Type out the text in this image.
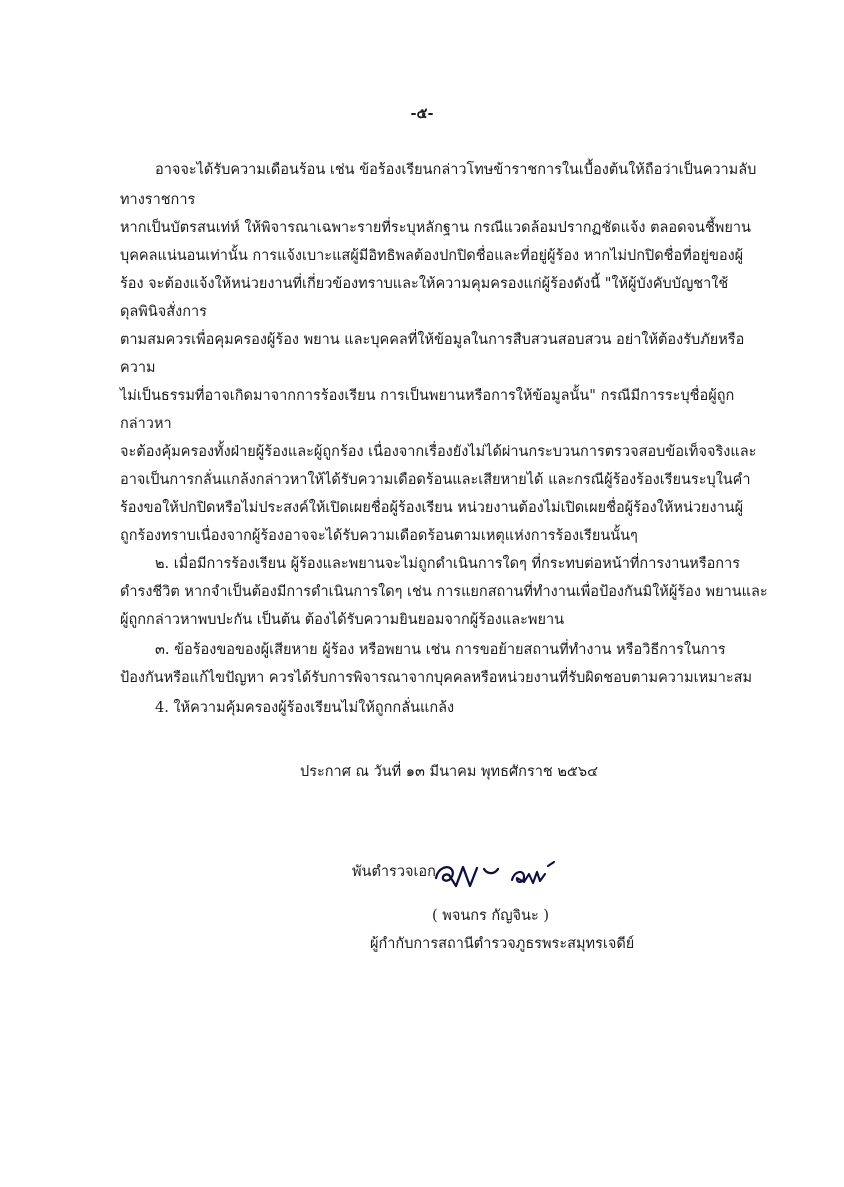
-๕-
อาจจะได้รับความเดือนร้อน เช่น ข้อร้องเรียนกล่าวโทษข้าราชการในเบื้องต้นให้ถือว่าเป็นความลับ
ทางราชการ
หากเป็นบัตรสนเท่ห์ ให้พิจารณาเฉพาะรายที่ระบุหลักฐาน กรณีแวดล้อมปรากฏชัดแจ้ง ตลอดจนชี้พยาน
บุคคลแน่นอนเท่านั้น การแจ้งเบาะแสผู้มีอิทธิพลต้องปกปิดชื่อและที่อยู่ผู้ร้อง หากไม่ปกปิดชื่อที่อยู่ของผู้
ร้อง จะต้องแจ้งให้หน่วยงานที่เกี่ยวข้องทราบและให้ความคุมครองแก่ผู้ร้องดังนี้ "ให้ผู้บังคับบัญชาใช้
ดุลพินิจสั่งการ
ตามสมควรเพื่อคุมครองผู้ร้อง พยาน และบุคคลที่ให้ข้อมูลในการสืบสวนสอบสวน อย่าให้ต้องรับภัยหรือ
ความ
ไม่เป็นธรรมที่อาจเกิดมาจากการร้องเรียน การเป็นพยานหรือการให้ข้อมูลนั้น" กรณีมีการระบุชื่อผู้ถูก
กล่าวหา
จะต้องคุ้มครองทั้งฝ่ายผู้ร้องและผู้ถูกร้อง เนื่องจากเรื่องยังไม่ได้ผ่านกระบวนการตรวจสอบข้อเท็จจริงและ
อาจเป็นการกลั่นแกล้งกล่าวหาให้ได้รับความเดือดร้อนและเสียหายได้ และกรณีผู้ร้องร้องเรียนระบุในคำ
ร้องขอให้ปกปิดหรือไม่ประสงค์ให้เปิดเผยชื่อผู้ร้องเรียน หน่วยงานต้องไม่เปิดเผยชื่อผู้ร้องให้หน่วยงานผู้
ถูกร้องทราบเนื่องจากผู้ร้องอาจจะได้รับความเดือดร้อนตามเหตุแห่งการร้องเรียนนั้นๆ
๒. เมื่อมีการร้องเรียน ผู้ร้องและพยานจะไม่ถูกดำเนินการใดๆ ที่กระทบต่อหน้าที่การงานหรือการ
ดำรงชีวิต หากจำเป็นต้องมีการดำเนินการใดๆ เช่น การแยกสถานที่ทำงานเพื่อป้องกันมิให้ผู้ร้อง พยานและ
ผู้ถูกกล่าวหาพบปะกัน เป็นต้น ต้องได้รับความยินยอมจากผู้ร้องและพยาน
๓. ข้อร้องขอของผู้เสียหาย ผู้ร้อง หรือพยาน เช่น การขอย้ายสถานที่ทำงาน หรือวิธีการในการ
ป้องกันหรือแก้ไขปัญหา ควรได้รับการพิจารณาจากบุคคลหรือหน่วยงานที่รับผิดชอบตามความเหมาะสม
4. ให้ความคุ้มครองผู้ร้องเรียนไม่ให้ถูกกลั่นแกล้ง
ประกาศ ณ วันที่ ๑๓ มีนาคม พุทธศักราช ๒๕๖๔
พันตำรวจเอก
( พจนกร กัญจินะ )
ผู้กำกับการสถานีตำรวจภูธรพระสมุทรเจดีย์
